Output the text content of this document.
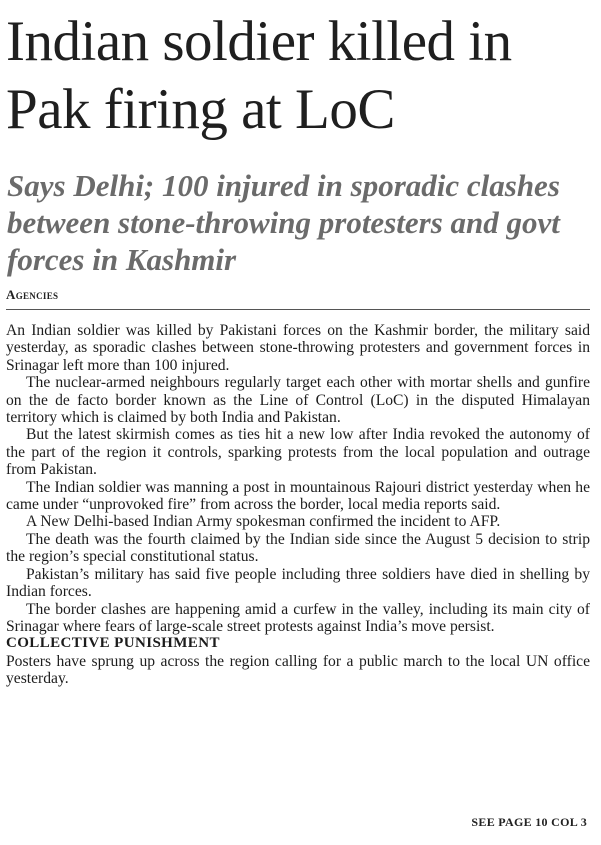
Indian soldier killed in Pak firing at LoC
Says Delhi; 100 injured in sporadic clashes between stone-throwing protesters and govt forces in Kashmir
Agencies

An Indian soldier was killed by Pakistani forces on the Kashmir border, the military said yesterday, as sporadic clashes between stone-throwing protesters and government forces in Srinagar left more than 100 injured.

The nuclear-armed neighbours regularly target each other with mortar shells and gunfire on the de facto border known as the Line of Control (LoC) in the disputed Himalayan territory which is claimed by both India and Pakistan.

But the latest skirmish comes as ties hit a new low after India revoked the autonomy of the part of the region it controls, sparking protests from the local population and outrage from Pakistan.

The Indian soldier was manning a post in mountainous Rajouri district yesterday when he came under “unprovoked fire” from across the border, local media reports said.

A New Delhi-based Indian Army spokesman confirmed the incident to AFP.

The death was the fourth claimed by the Indian side since the August 5 decision to strip the region’s special constitutional status.

Pakistan’s military has said five people including three soldiers have died in shelling by Indian forces.

The border clashes are happening amid a curfew in the valley, including its main city of Srinagar where fears of large-scale street protests against India’s move persist.

COLLECTIVE PUNISHMENT

Posters have sprung up across the region calling for a public march to the local UN office yesterday.

SEE PAGE 10 COL 3
